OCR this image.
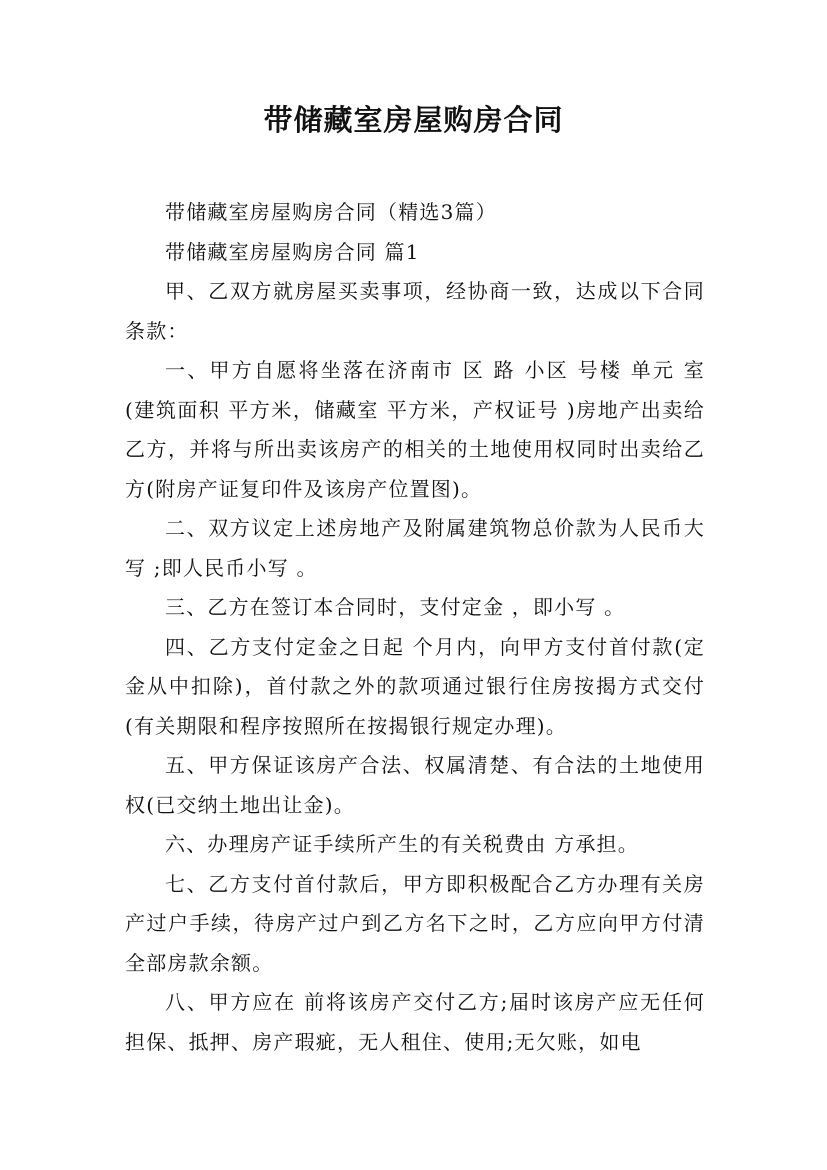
带储藏室房屋购房合同

带储藏室房屋购房合同（精选3篇）

带储藏室房屋购房合同 篇1

甲、乙双方就房屋买卖事项，经协商一致，达成以下合同条款：

一、甲方自愿将坐落在济南市 区 路 小区 号楼 单元 室(建筑面积 平方米，储藏室 平方米，产权证号 )房地产出卖给乙方，并将与所出卖该房产的相关的土地使用权同时出卖给乙方(附房产证复印件及该房产位置图)。

二、双方议定上述房地产及附属建筑物总价款为人民币大写 ;即人民币小写 。

三、乙方在签订本合同时，支付定金 ，即小写 。

四、乙方支付定金之日起 个月内，向甲方支付首付款(定金从中扣除)，首付款之外的款项通过银行住房按揭方式交付(有关期限和程序按照所在按揭银行规定办理)。

五、甲方保证该房产合法、权属清楚、有合法的土地使用权(已交纳土地出让金)。

六、办理房产证手续所产生的有关税费由 方承担。

七、乙方支付首付款后，甲方即积极配合乙方办理有关房产过户手续，待房产过户到乙方名下之时，乙方应向甲方付清全部房款余额。

八、甲方应在 前将该房产交付乙方;届时该房产应无任何担保、抵押、房产瑕疵，无人租住、使用;无欠账，如电
